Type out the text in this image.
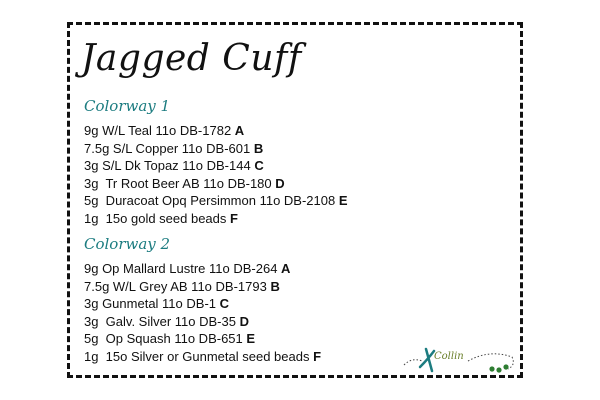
Jagged Cuff
Colorway 1
9g W/L Teal 11o DB-1782 A
7.5g S/L Copper 11o DB-601 B
3g S/L Dk Topaz 11o DB-144 C
3g  Tr Root Beer AB 11o DB-180 D
5g  Duracoat Opq Persimmon 11o DB-2108 E
1g  15o gold seed beads F
Colorway 2
9g Op Mallard Lustre 11o DB-264 A
7.5g W/L Grey AB 11o DB-1793 B
3g Gunmetal 11o DB-1 C
3g  Galv. Silver 11o DB-35 D
5g  Op Squash 11o DB-651 E
1g  15o Silver or Gunmetal seed beads F	Collin
